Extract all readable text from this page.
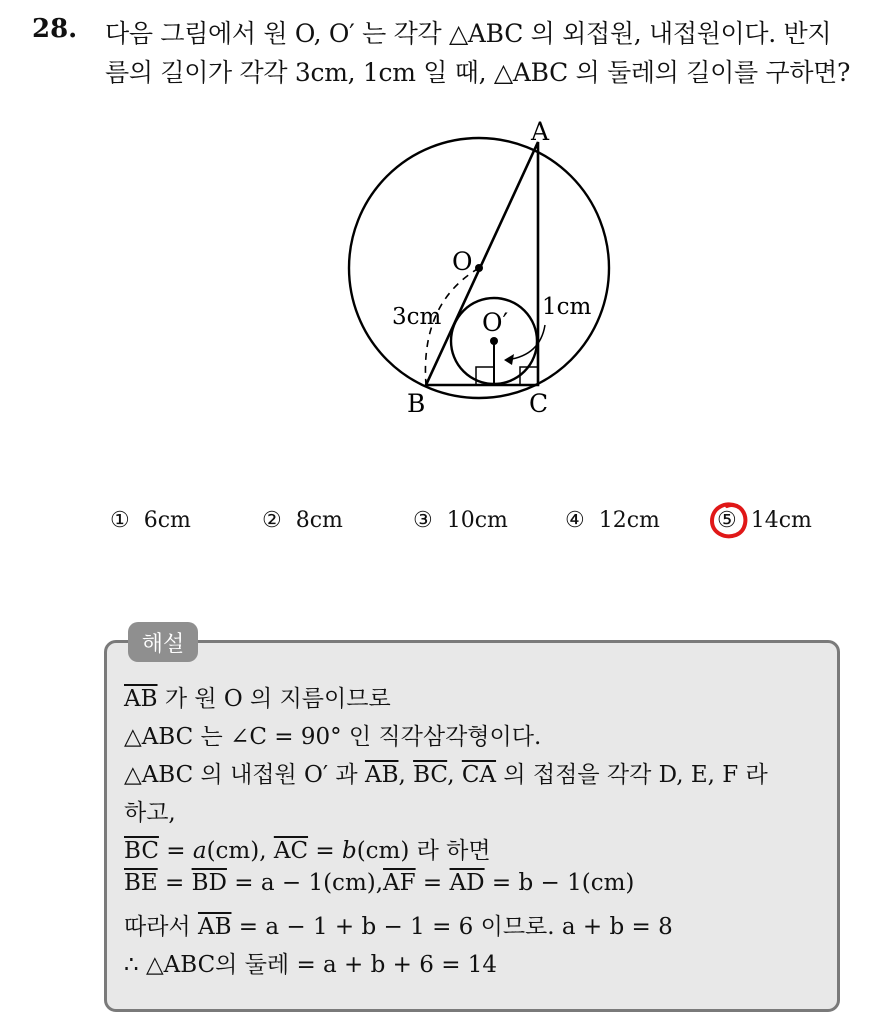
28. 다음 그림에서 원 O, O′ 는 각각 △ABC 의 외접원, 내접원이다. 반지
름의 길이가 각각 3cm, 1cm 일 때, △ABC 의 둘레의 길이를 구하면?
A
B	C
O
O′
3cm	1cm
① 6cm	② 8cm	③ 10cm	④ 12cm	⑤ 14cm
해설
$\overline{AB}$ 가 원 O 의 지름이므로
△ABC 는 ∠C = 90° 인 직각삼각형이다.
△ABC 의 내접원 O′ 과 $\overline{AB}$, $\overline{BC}$, $\overline{CA}$ 의 접점을 각각 D, E, F 라
하고,
$\overline{BC} = a(cm)$, $\overline{AC} = b(cm)$ 라 하면
$\overline{BE} = \overline{BD} = a - 1(cm),\overline{AF} = \overline{AD} = b - 1(cm)$
따라서 $\overline{AB} = a - 1 + b - 1 = 6$ 이므로. a + b = 8
∴ △ABC의 둘레 = a + b + 6 = 14
